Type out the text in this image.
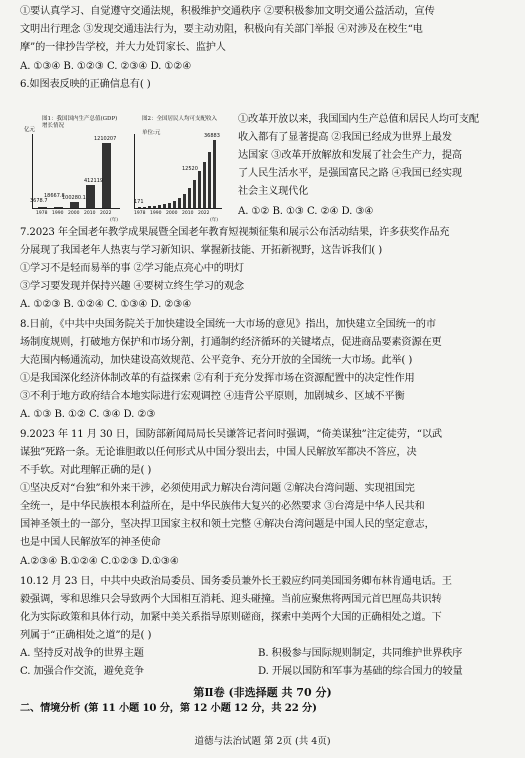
①要认真学习、自觉遵守交通法规，积极维护交通秩序 ②要积极参加文明交通公益活动，宣传
文明出行理念 ③发现交通违法行为，要主动劝阻，积极向有关部门举报 ④对涉及在校生“电
摩”的一律抄告学校，并大力处罚家长、监护人
A. ①③④ B. ①②③ C. ②③④ D. ①②④
6.如图表反映的正确信息有( )
图1：我国国内生产总值(GDP)增长情况
亿元
3678.7
18667.8
100280.1
412119
1210207
1978 1990 2000 2010 2022
(年)
图2：全国居民人均可支配收入
单位:元
171
12520
36883
1978 1990 2000 2010 2022
(年)
①改革开放以来，我国国内生产总值和居民人均可支配
收入都有了显著提高 ②我国已经成为世界上最发
达国家 ③改革开放解放和发展了社会生产力，提高
了人民生活水平，是强国富民之路 ④我国已经实现
社会主义现代化
A. ①② B. ①③ C. ②④ D. ③④
7.2023 年全国老年教学成果展暨全国老年教育短视频征集和展示公布活动结果，许多获奖作品充
分展现了我国老年人热衷与学习新知识、掌握新技能、开拓新视野，这告诉我们( )
①学习不是轻而易举的事 ②学习能点亮心中的明灯
③学习要发现并保持兴趣 ④要树立终生学习的观念
A. ①②③ B. ①②④ C. ①③④ D. ②③④
8.日前，《中共中央国务院关于加快建设全国统一大市场的意见》指出，加快建立全国统一的市
场制度规则，打破地方保护和市场分割，打通制约经济循环的关键堵点，促进商品要素资源在更
大范围内畅通流动，加快建设高效规范、公平竞争、充分开放的全国统一大市场。此举( )
①是我国深化经济体制改革的有益探索 ②有利于充分发挥市场在资源配置中的决定性作用
③不利于地方政府结合本地实际进行宏观调控 ④违背公平原则，加剧城乡、区域不平衡
A. ①③ B. ①② C. ③④ D. ②③
9.2023 年 11 月 30 日，国防部新闻局局长吴谦答记者问时强调，“倚美谋独”注定徒劳，“以武
谋独”死路一条。无论谁胆敢以任何形式从中国分裂出去，中国人民解放军都决不答应，决
不手软。对此理解正确的是( )
①坚决反对“台独”和外来干涉，必须使用武力解决台湾问题 ②解决台湾问题、实现祖国完
全统一，是中华民族根本利益所在，是中华民族伟大复兴的必然要求 ③台湾是中华人民共和
国神圣领土的一部分，坚决捍卫国家主权和领土完整 ④解决台湾问题是中国人民的坚定意志，
也是中国人民解放军的神圣使命
A.②③④ B.①②④ C.①②③ D.①③④
10.12 月 23 日，中共中央政治局委员、国务委员兼外长王毅应约同美国国务卿布林肯通电话。王
毅强调，零和思维只会导致两个大国相互消耗、迎头碰撞。当前应聚焦将两国元首巴厘岛共识转
化为实际政策和具体行动，加紧中美关系指导原则磋商，探索中美两个大国的正确相处之道。下
列属于“正确相处之道”的是( )
A. 坚持反对战争的世界主题	B. 积极参与国际规则制定，共同维护世界秩序
C. 加强合作交流，避免竞争	D. 开展以国防和军事为基础的综合国力的较量
第Ⅱ卷 (非选择题 共 70 分)
二、情境分析 (第 11 小题 10 分，第 12 小题 12 分，共 22 分)
道德与法治试题 第 2页 (共 4页)
